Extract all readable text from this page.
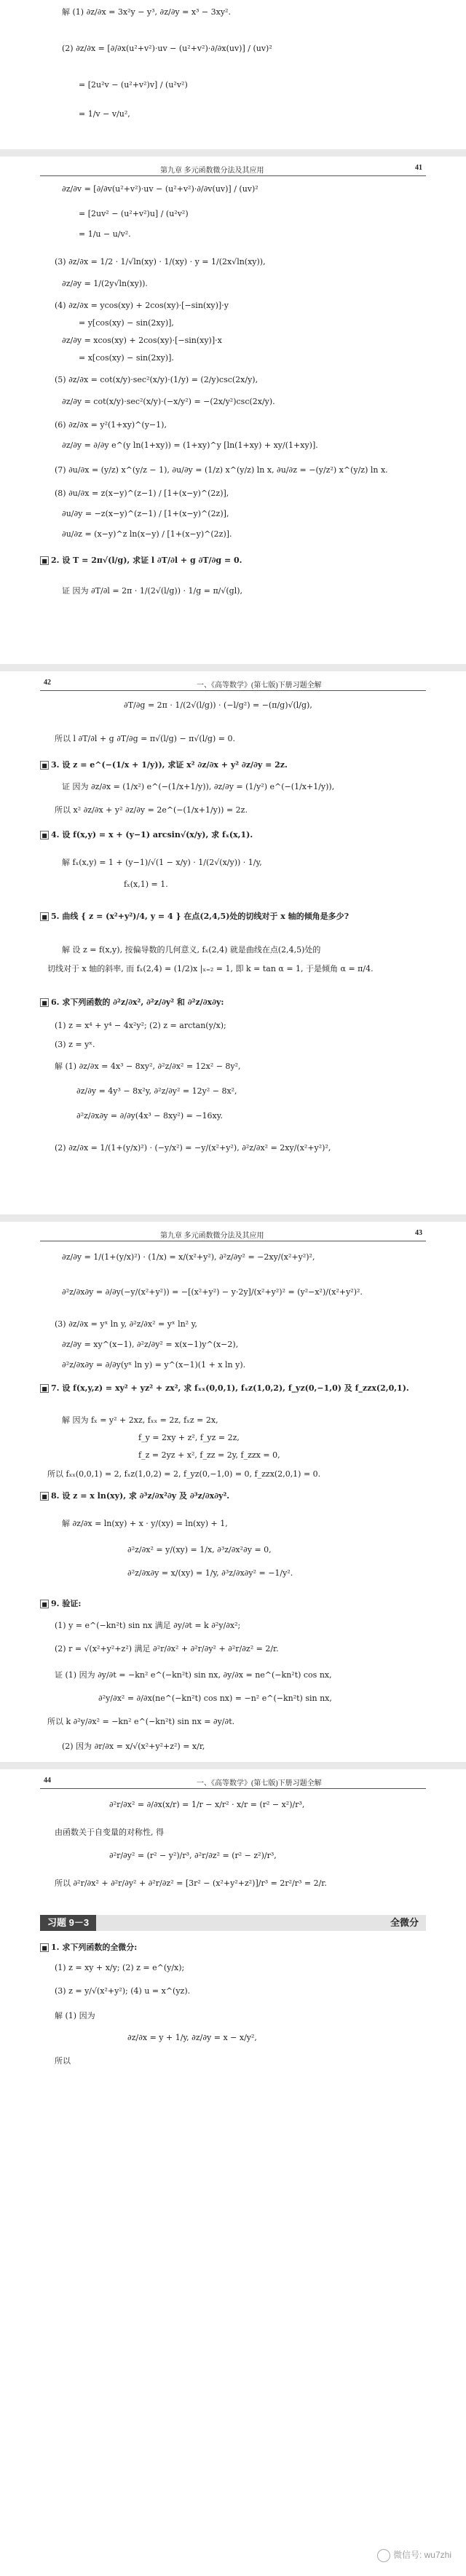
解 (1) ∂z/∂x = 3x²y − y³, ∂z/∂y = x³ − 3xy².
(2) ∂z/∂x = [∂/∂x(u²+v²)·uv − (u²+v²)·∂/∂x(uv)] / (uv)²
= [2u²v − (u²+v²)v] / (u²v²)
= 1/v − v/u²,
第九章 多元函数微分法及其应用	41
∂z/∂v = [∂/∂v(u²+v²)·uv − (u²+v²)·∂/∂v(uv)] / (uv)²
= [2uv² − (u²+v²)u] / (u²v²)
= 1/u − u/v².
(3) ∂z/∂x = 1/2 · 1/√ln(xy) · 1/(xy) · y = 1/(2x√ln(xy)),
∂z/∂y = 1/(2y√ln(xy)).
(4) ∂z/∂x = ycos(xy) + 2cos(xy)·[−sin(xy)]·y
= y[cos(xy) − sin(2xy)],
∂z/∂y = xcos(xy) + 2cos(xy)·[−sin(xy)]·x
= x[cos(xy) − sin(2xy)].
(5) ∂z/∂x = cot(x/y)·sec²(x/y)·(1/y) = (2/y)csc(2x/y),
∂z/∂y = cot(x/y)·sec²(x/y)·(−x/y²) = −(2x/y²)csc(2x/y).
(6) ∂z/∂x = y²(1+xy)^(y−1),
∂z/∂y = ∂/∂y e^(y ln(1+xy)) = (1+xy)^y [ln(1+xy) + xy/(1+xy)].
(7) ∂u/∂x = (y/z) x^(y/z − 1), ∂u/∂y = (1/z) x^(y/z) ln x, ∂u/∂z = −(y/z²) x^(y/z) ln x.
(8) ∂u/∂x = z(x−y)^(z−1) / [1+(x−y)^(2z)],
∂u/∂y = −z(x−y)^(z−1) / [1+(x−y)^(2z)],
∂u/∂z = (x−y)^z ln(x−y) / [1+(x−y)^(2z)].
■ 2. 设 T = 2π√(l/g), 求证 l ∂T/∂l + g ∂T/∂g = 0.
证 因为 ∂T/∂l = 2π · 1/(2√(l/g)) · 1/g = π/√(gl),
42	一、《高等数学》(第七版)下册习题全解
∂T/∂g = 2π · 1/(2√(l/g)) · (−l/g²) = −(π/g)√(l/g),
所以 l ∂T/∂l + g ∂T/∂g = π√(l/g) − π√(l/g) = 0.
■ 3. 设 z = e^(−(1/x + 1/y)), 求证 x² ∂z/∂x + y² ∂z/∂y = 2z.
证 因为 ∂z/∂x = (1/x²) e^(−(1/x+1/y)), ∂z/∂y = (1/y²) e^(−(1/x+1/y)),
所以 x² ∂z/∂x + y² ∂z/∂y = 2e^(−(1/x+1/y)) = 2z.
■ 4. 设 f(x,y) = x + (y−1) arcsin√(x/y), 求 fₓ(x,1).
解 fₓ(x,y) = 1 + (y−1)/√(1 − x/y) · 1/(2√(x/y)) · 1/y,
fₓ(x,1) = 1.
■ 5. 曲线 { z = (x²+y²)/4, y = 4 } 在点(2,4,5)处的切线对于 x 轴的倾角是多少?
解 设 z = f(x,y), 按偏导数的几何意义, fₓ(2,4) 就是曲线在点(2,4,5)处的
切线对于 x 轴的斜率, 而 fₓ(2,4) = (1/2)x |ₓ₌₂ = 1, 即 k = tan α = 1, 于是倾角 α = π/4.
■ 6. 求下列函数的 ∂²z/∂x², ∂²z/∂y² 和 ∂²z/∂x∂y:
(1) z = x⁴ + y⁴ − 4x²y²; (2) z = arctan(y/x);
(3) z = yˣ.
解 (1) ∂z/∂x = 4x³ − 8xy², ∂²z/∂x² = 12x² − 8y²,
∂z/∂y = 4y³ − 8x²y, ∂²z/∂y² = 12y² − 8x²,
∂²z/∂x∂y = ∂/∂y(4x³ − 8xy²) = −16xy.
(2) ∂z/∂x = 1/(1+(y/x)²) · (−y/x²) = −y/(x²+y²), ∂²z/∂x² = 2xy/(x²+y²)²,
第九章 多元函数微分法及其应用	43
∂z/∂y = 1/(1+(y/x)²) · (1/x) = x/(x²+y²), ∂²z/∂y² = −2xy/(x²+y²)²,
∂²z/∂x∂y = ∂/∂y(−y/(x²+y²)) = −[(x²+y²) − y·2y]/(x²+y²)² = (y²−x²)/(x²+y²)².
(3) ∂z/∂x = yˣ ln y, ∂²z/∂x² = yˣ ln² y,
∂z/∂y = xy^(x−1), ∂²z/∂y² = x(x−1)y^(x−2),
∂²z/∂x∂y = ∂/∂y(yˣ ln y) = y^(x−1)(1 + x ln y).
■ 7. 设 f(x,y,z) = xy² + yz² + zx², 求 fₓₓ(0,0,1), fₓz(1,0,2), f_yz(0,−1,0) 及 f_zzx(2,0,1).
解 因为 fₓ = y² + 2xz, fₓₓ = 2z, fₓz = 2x,
f_y = 2xy + z², f_yz = 2z,
f_z = 2yz + x², f_zz = 2y, f_zzx = 0,
所以 fₓₓ(0,0,1) = 2, fₓz(1,0,2) = 2, f_yz(0,−1,0) = 0, f_zzx(2,0,1) = 0.
■ 8. 设 z = x ln(xy), 求 ∂³z/∂x²∂y 及 ∂³z/∂x∂y².
解 ∂z/∂x = ln(xy) + x · y/(xy) = ln(xy) + 1,
∂²z/∂x² = y/(xy) = 1/x, ∂³z/∂x²∂y = 0,
∂²z/∂x∂y = x/(xy) = 1/y, ∂³z/∂x∂y² = −1/y².
■ 9. 验证:
(1) y = e^(−kn²t) sin nx 满足 ∂y/∂t = k ∂²y/∂x²;
(2) r = √(x²+y²+z²) 满足 ∂²r/∂x² + ∂²r/∂y² + ∂²r/∂z² = 2/r.
证 (1) 因为 ∂y/∂t = −kn² e^(−kn²t) sin nx, ∂y/∂x = ne^(−kn²t) cos nx,
∂²y/∂x² = ∂/∂x(ne^(−kn²t) cos nx) = −n² e^(−kn²t) sin nx,
所以 k ∂²y/∂x² = −kn² e^(−kn²t) sin nx = ∂y/∂t.
(2) 因为 ∂r/∂x = x/√(x²+y²+z²) = x/r,
44	一、《高等数学》(第七版)下册习题全解
∂²r/∂x² = ∂/∂x(x/r) = 1/r − x/r² · x/r = (r² − x²)/r³,
由函数关于自变量的对称性, 得
∂²r/∂y² = (r² − y²)/r³, ∂²r/∂z² = (r² − z²)/r³,
所以 ∂²r/∂x² + ∂²r/∂y² + ∂²r/∂z² = [3r² − (x²+y²+z²)]/r³ = 2r²/r³ = 2/r.
习题 9－3	全微分
■ 1. 求下列函数的全微分:
(1) z = xy + x/y; (2) z = e^(y/x);
(3) z = y/√(x²+y²); (4) u = x^(yz).
解 (1) 因为
∂z/∂x = y + 1/y, ∂z/∂y = x − x/y²,
所以
微信号: wu7zhi
